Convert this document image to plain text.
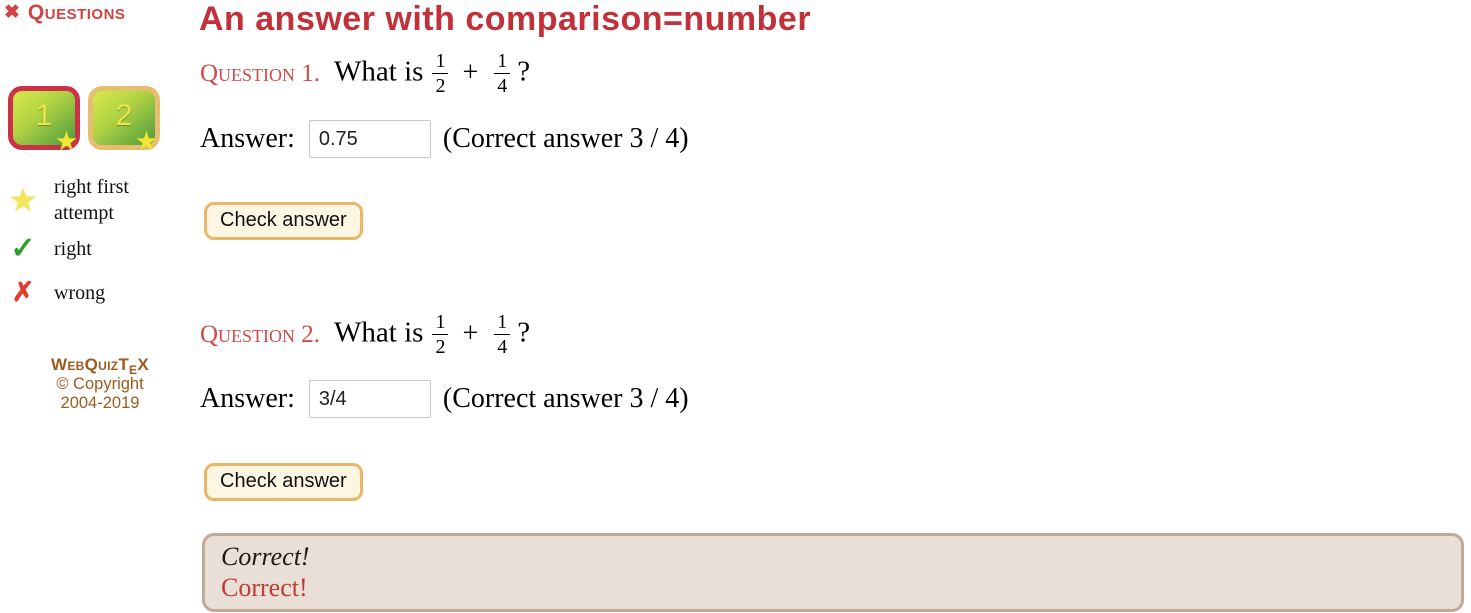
✖ Questions
1
★
2
★
★ right first attempt
✓ right
✗ wrong
WebQuizTeX
© Copyright
2004-2019
An answer with comparison=number
Question 1. What is $\frac{1}{2} + \frac{1}{4}$ ?
Answer:0.75	(Correct answer 3 / 4)
Check answer
Question 2. What is $\frac{1}{2} + \frac{1}{4}$ ?
Answer:3/4	(Correct answer 3 / 4)
Check answer
Correct!
Correct!
